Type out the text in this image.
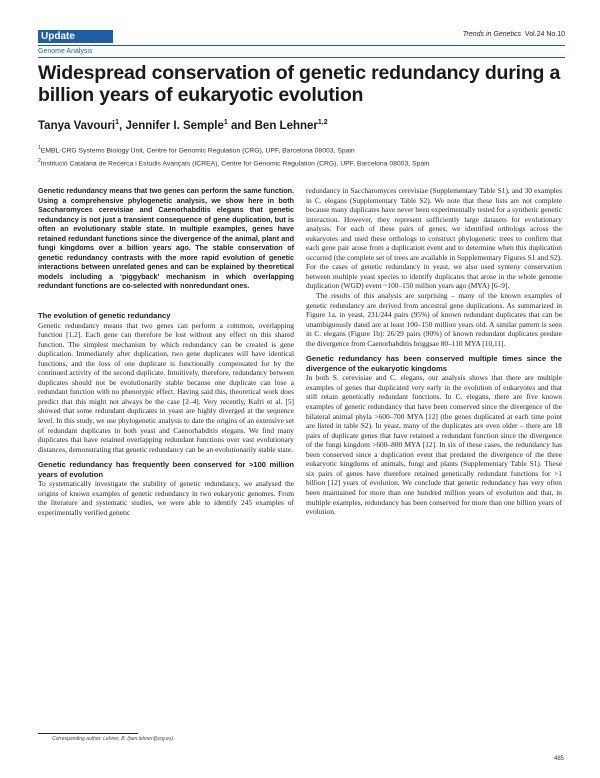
Update	Trends in Genetics Vol.24 No.10
Genome Analysis
Widespread conservation of genetic redundancy during a billion years of eukaryotic evolution
Tanya Vavouri$^1$, Jennifer I. Semple$^1$ and Ben Lehner$^{1,2}$
$^1$EMBL-CRG Systems Biology Unit, Centre for Genomic Regulation (CRG), UPF, Barcelona 08003, Spain
$^2$Institució Catalana de Recerca i Estudis Avançats (ICREA), Centre for Genomic Regulation (CRG), UPF, Barcelona 08003, Spain

Genetic redundancy means that two genes can perform the same function. Using a comprehensive phylogenetic analysis, we show here in both Saccharomyces cerevisiae and Caenorhabditis elegans that genetic redundancy is not just a transient consequence of gene duplication, but is often an evolutionary stable state. In multiple examples, genes have retained redundant functions since the divergence of the animal, plant and fungi kingdoms over a billion years ago. The stable conservation of genetic redundancy contrasts with the more rapid evolution of genetic interactions between unrelated genes and can be explained by theoretical models including a ‘piggyback’ mechanism in which overlapping redundant functions are co-selected with nonredundant ones.

The evolution of genetic redundancy

Genetic redundancy means that two genes can perform a common, overlapping function [1,2]. Each gene can therefore be lost without any effect on this shared function. The simplest mechanism by which redundancy can be created is gene duplication. Immediately after duplication, two gene duplicates will have identical functions, and the loss of one duplicate is functionally compensated for by the continued activity of the second duplicate. Intuitively, therefore, redundancy between duplicates should not be evolutionarily stable because one duplicate can lose a redundant function with no phenotypic effect. Having said this, theoretical work does predict that this might not always be the case [2–4]. Very recently, Kafri et al. [5] showed that some redundant duplicates in yeast are highly diverged at the sequence level. In this study, we use phylogenetic analysis to date the origins of an extensive set of redundant duplicates in both yeast and Caenorhabditis elegans. We find many duplicates that have retained overlapping redundant functions over vast evolutionary distances, demonstrating that genetic redundancy can be an evolutionarily stable state.

Genetic redundancy has frequently been conserved for >100 million years of evolution

To systematically investigate the stability of genetic redundancy, we analysed the origins of known examples of genetic redundancy in two eukaryotic genomes. From the literature and systematic studies, we were able to identify 245 examples of experimentally verified genetic

redundancy in Saccharomyces cerevisiae (Supplementary Table S1), and 30 examples in C. elegans (Supplementary Table S2). We note that these lists are not complete because many duplicates have never been experimentally tested for a synthetic genetic interaction. However, they represent sufficiently large datasets for evolutionary analysis. For each of these pairs of genes, we identified orthologs across the eukaryotes and used these orthologs to construct phylogenetic trees to confirm that each gene pair arose from a duplication event and to determine when this duplication occurred (the complete set of trees are available in Supplementary Figures S1 and S2). For the cases of genetic redundancy in yeast, we also used synteny conservation between multiple yeast species to identify duplicates that arose in the whole genome duplication (WGD) event ~100–150 million years ago (MYA) [6–9].

The results of this analysis are surprising – many of the known examples of genetic redundancy are derived from ancestral gene duplications. As summarized in Figure 1a, in yeast, 231/244 pairs (95%) of known redundant duplicates that can be unambiguously dated are at least 100–150 million years old. A similar pattern is seen in C. elegans (Figure 1b): 26/29 pairs (90%) of known redundant duplicates predate the divergence from Caenorhabditis briggsae 80–110 MYA [10,11].

Genetic redundancy has been conserved multiple times since the divergence of the eukaryotic kingdoms

In both S. cerevisiae and C. elegans, our analysis shows that there are multiple examples of genes that duplicated very early in the evolution of eukaryotes and that still retain genetically redundant functions. In C. elegans, there are five known examples of genetic redundancy that have been conserved since the divergence of the bilateral animal phyla >600–700 MYA [12] (the genes duplicated at each time point are listed in table S2). In yeast, many of the duplicates are even older – there are 18 pairs of duplicate genes that have retained a redundant function since the divergence of the fungi kingdom >600–800 MYA [12]. In six of these cases, the redundancy has been conserved since a duplication event that predated the divergence of the three eukaryotic kingdoms of animals, fungi and plants (Supplementary Table S1). These six pairs of genes have therefore retained genetically redundant functions for >1 billion [12] years of evolution. We conclude that genetic redundancy has very often been maintained for more than one hundred million years of evolution and that, in multiple examples, redundancy has been conserved for more than one billion years of evolution.

Corresponding author: Lehner, B. (ben.lehner@crg.es).
485
